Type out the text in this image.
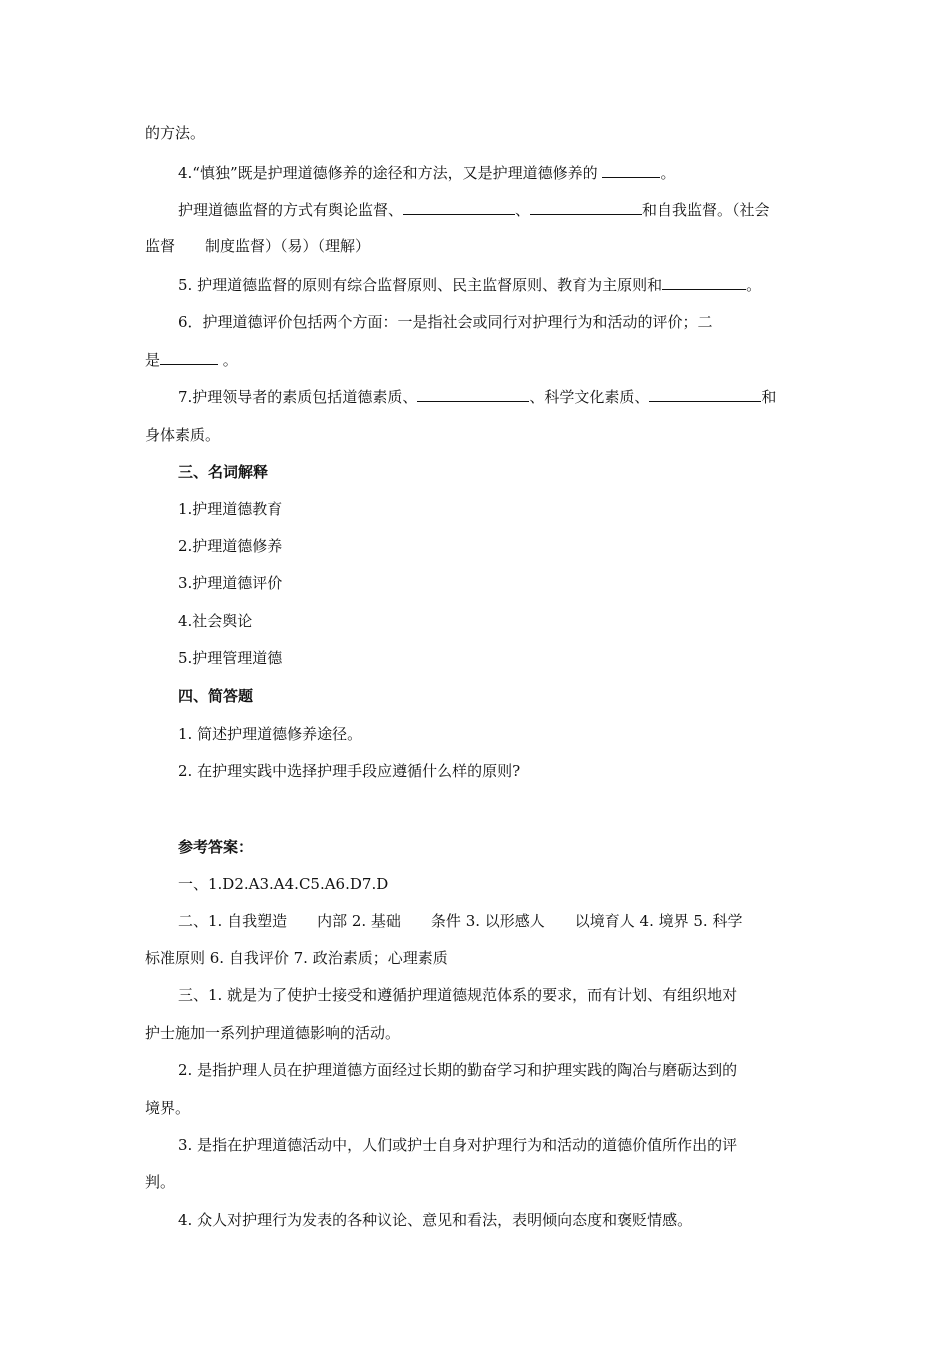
的方法。
4.“慎独”既是护理道德修养的途径和方法，又是护理道德修养的	。
护理道德监督的方式有舆论监督、	、	和自我监督。（社会
监督　　制度监督）（易）（理解）
5. 护理道德监督的原则有综合监督原则、民主监督原则、教育为主原则和	。
6．护理道德评价包括两个方面：一是指社会或同行对护理行为和活动的评价；二
是	。
7.护理领导者的素质包括道德素质、	、科学文化素质、	和
身体素质。
三、名词解释
1.护理道德教育
2.护理道德修养
3.护理道德评价
4.社会舆论
5.护理管理道德
四、简答题
1. 简述护理道德修养途径。
2. 在护理实践中选择护理手段应遵循什么样的原则?
参考答案：
一、1.D2.A3.A4.C5.A6.D7.D
二、1. 自我塑造　　内部 2. 基础　　条件 3. 以形感人　　以境育人 4. 境界 5. 科学
标准原则 6. 自我评价 7. 政治素质；心理素质
三、1. 就是为了使护士接受和遵循护理道德规范体系的要求，而有计划、有组织地对
护士施加一系列护理道德影响的活动。
2. 是指护理人员在护理道德方面经过长期的勤奋学习和护理实践的陶冶与磨砺达到的
境界。
3. 是指在护理道德活动中，人们或护士自身对护理行为和活动的道德价值所作出的评
判。
4. 众人对护理行为发表的各种议论、意见和看法，表明倾向态度和褒贬情感。
